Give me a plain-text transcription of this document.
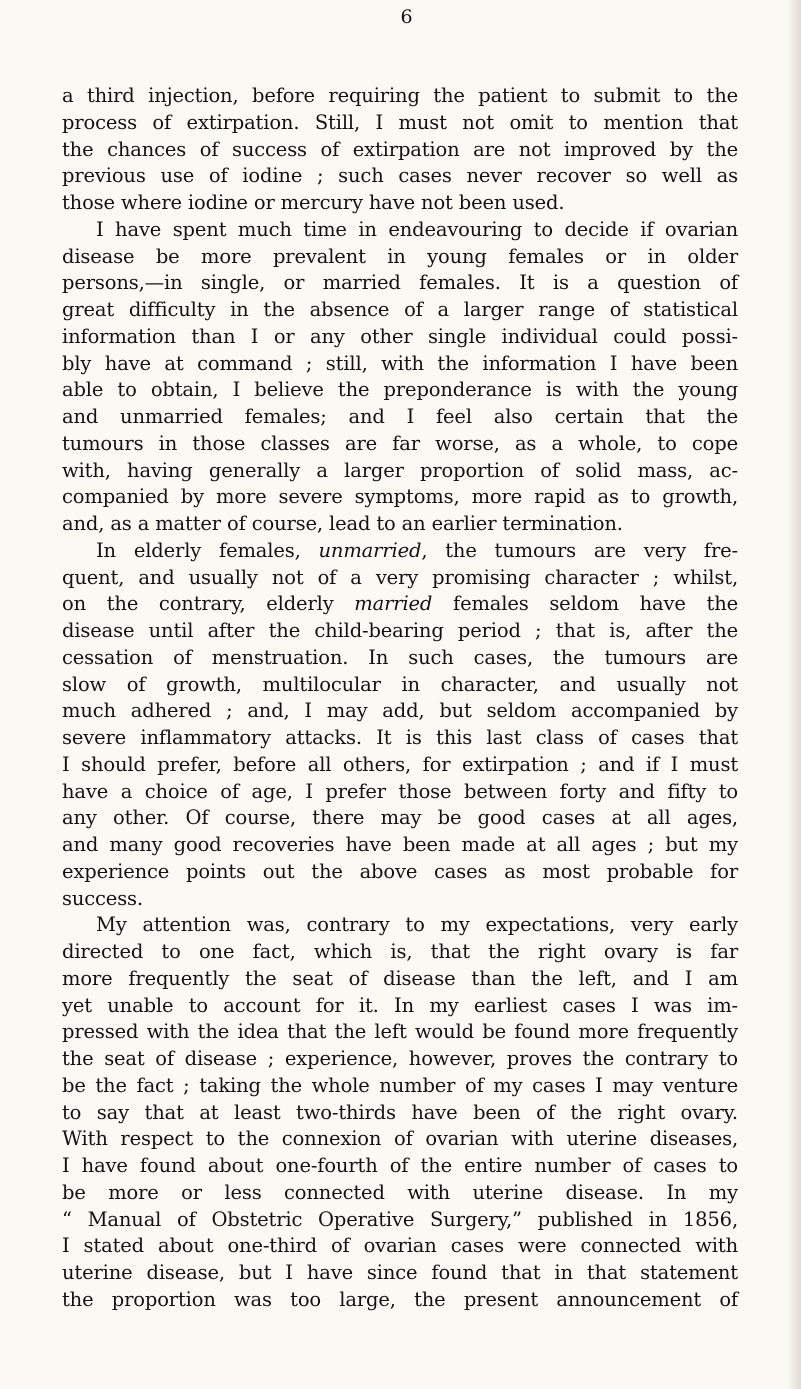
6
a third injection, before requiring the patient to submit to the
process of extirpation. Still, I must not omit to mention that
the chances of success of extirpation are not improved by the
previous use of iodine ; such cases never recover so well as
those where iodine or mercury have not been used.
I have spent much time in endeavouring to decide if ovarian
disease be more prevalent in young females or in older
persons,—in single, or married females. It is a question of
great difficulty in the absence of a larger range of statistical
information than I or any other single individual could possi-
bly have at command ; still, with the information I have been
able to obtain, I believe the preponderance is with the young
and unmarried females; and I feel also certain that the
tumours in those classes are far worse, as a whole, to cope
with, having generally a larger proportion of solid mass, ac-
companied by more severe symptoms, more rapid as to growth,
and, as a matter of course, lead to an earlier termination.
In elderly females, unmarried, the tumours are very fre-
quent, and usually not of a very promising character ; whilst,
on the contrary, elderly married females seldom have the
disease until after the child-bearing period ; that is, after the
cessation of menstruation. In such cases, the tumours are
slow of growth, multilocular in character, and usually not
much adhered ; and, I may add, but seldom accompanied by
severe inflammatory attacks. It is this last class of cases that
I should prefer, before all others, for extirpation ; and if I must
have a choice of age, I prefer those between forty and fifty to
any other. Of course, there may be good cases at all ages,
and many good recoveries have been made at all ages ; but my
experience points out the above cases as most probable for
success.
My attention was, contrary to my expectations, very early
directed to one fact, which is, that the right ovary is far
more frequently the seat of disease than the left, and I am
yet unable to account for it. In my earliest cases I was im-
pressed with the idea that the left would be found more frequently
the seat of disease ; experience, however, proves the contrary to
be the fact ; taking the whole number of my cases I may venture
to say that at least two-thirds have been of the right ovary.
With respect to the connexion of ovarian with uterine diseases,
I have found about one-fourth of the entire number of cases to
be more or less connected with uterine disease. In my
“ Manual of Obstetric Operative Surgery,” published in 1856,
I stated about one-third of ovarian cases were connected with
uterine disease, but I have since found that in that statement
the proportion was too large, the present announcement of
